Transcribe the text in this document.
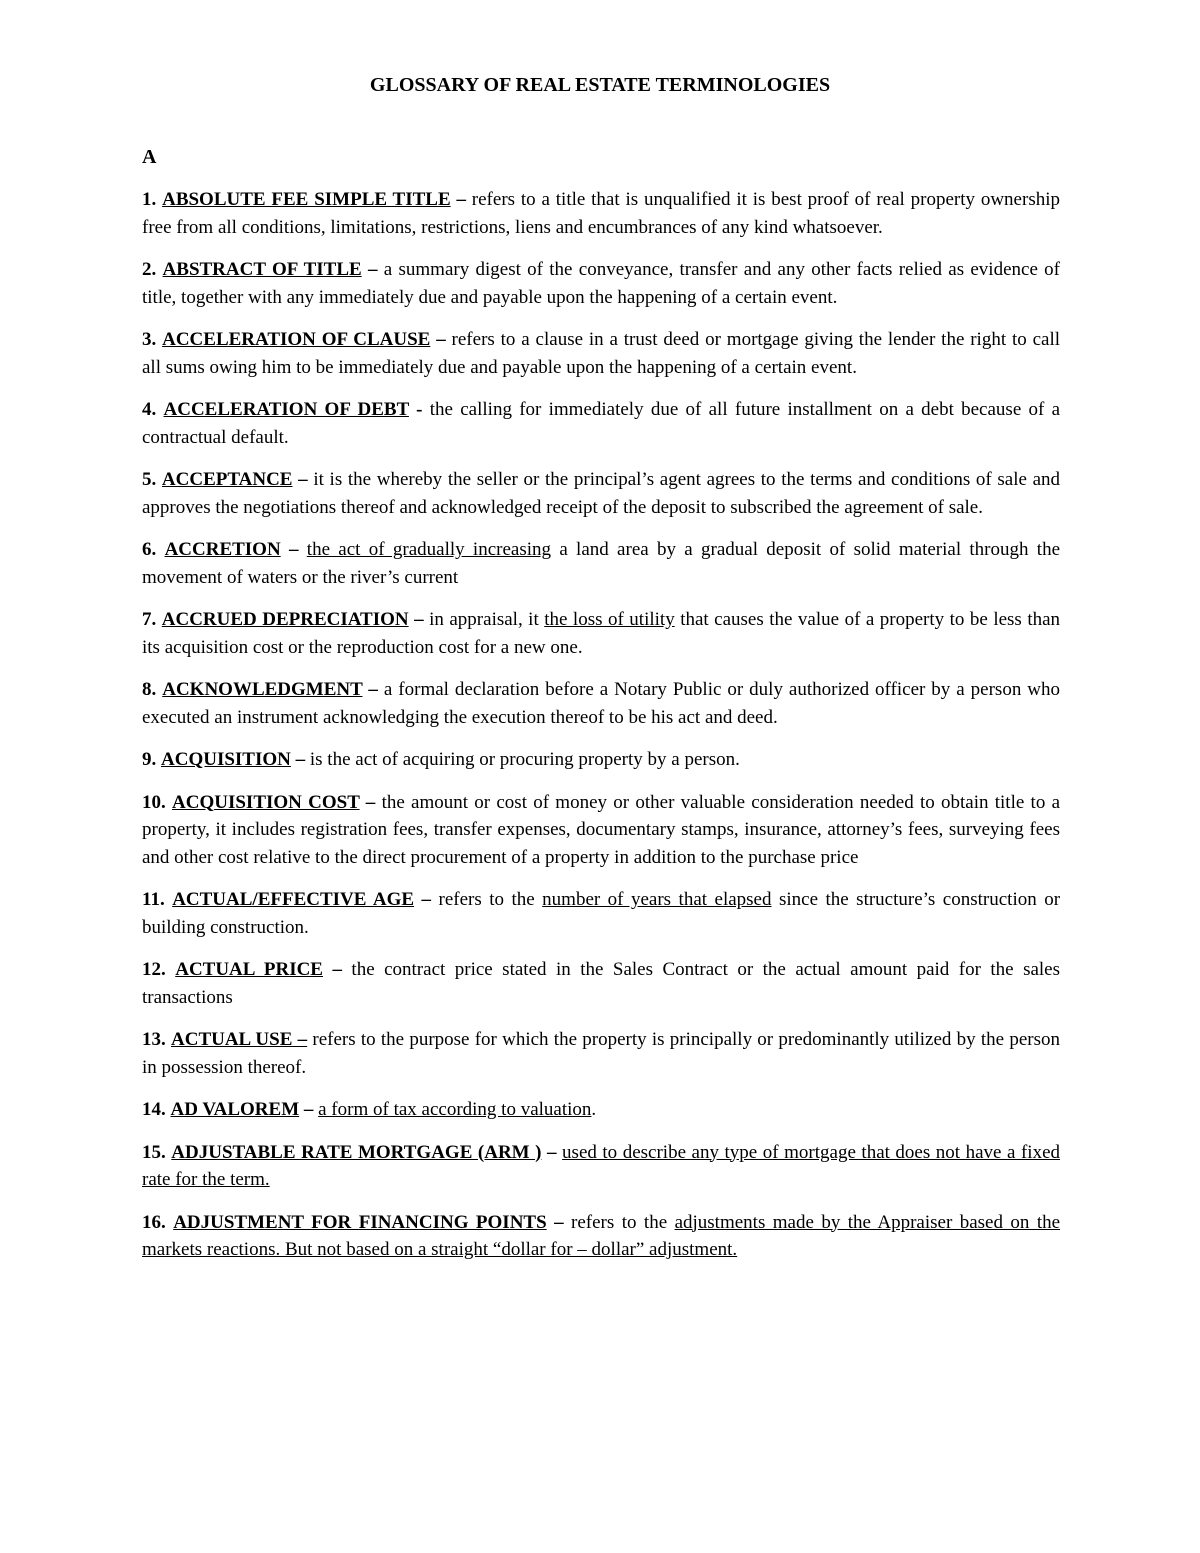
GLOSSARY OF REAL ESTATE TERMINOLOGIES
A

1. ABSOLUTE FEE SIMPLE TITLE – refers to a title that is unqualified it is best proof of real property ownership free from all conditions, limitations, restrictions, liens and encumbrances of any kind whatsoever.

2. ABSTRACT OF TITLE – a summary digest of the conveyance, transfer and any other facts relied as evidence of title, together with any immediately due and payable upon the happening of a certain event.

3. ACCELERATION OF CLAUSE – refers to a clause in a trust deed or mortgage giving the lender the right to call all sums owing him to be immediately due and payable upon the happening of a certain event.

4. ACCELERATION OF DEBT - the calling for immediately due of all future installment on a debt because of a contractual default.

5. ACCEPTANCE – it is the whereby the seller or the principal’s agent agrees to the terms and conditions of sale and approves the negotiations thereof and acknowledged receipt of the deposit to subscribed the agreement of sale.

6. ACCRETION – the act of gradually increasing a land area by a gradual deposit of solid material through the movement of waters or the river’s current

7. ACCRUED DEPRECIATION – in appraisal, it the loss of utility that causes the value of a property to be less than its acquisition cost or the reproduction cost for a new one.

8. ACKNOWLEDGMENT – a formal declaration before a Notary Public or duly authorized officer by a person who executed an instrument acknowledging the execution thereof to be his act and deed.

9. ACQUISITION – is the act of acquiring or procuring property by a person.

10. ACQUISITION COST – the amount or cost of money or other valuable consideration needed to obtain title to a property, it includes registration fees, transfer expenses, documentary stamps, insurance, attorney’s fees, surveying fees and other cost relative to the direct procurement of a property in addition to the purchase price

11. ACTUAL/EFFECTIVE AGE – refers to the number of years that elapsed since the structure’s construction or building construction.

12. ACTUAL PRICE – the contract price stated in the Sales Contract or the actual amount paid for the sales transactions

13. ACTUAL USE – refers to the purpose for which the property is principally or predominantly utilized by the person in possession thereof.

14. AD VALOREM – a form of tax according to valuation.

15. ADJUSTABLE RATE MORTGAGE (ARM ) – used to describe any type of mortgage that does not have a fixed rate for the term.

16. ADJUSTMENT FOR FINANCING POINTS – refers to the adjustments made by the Appraiser based on the markets reactions. But not based on a straight “dollar for – dollar” adjustment.
